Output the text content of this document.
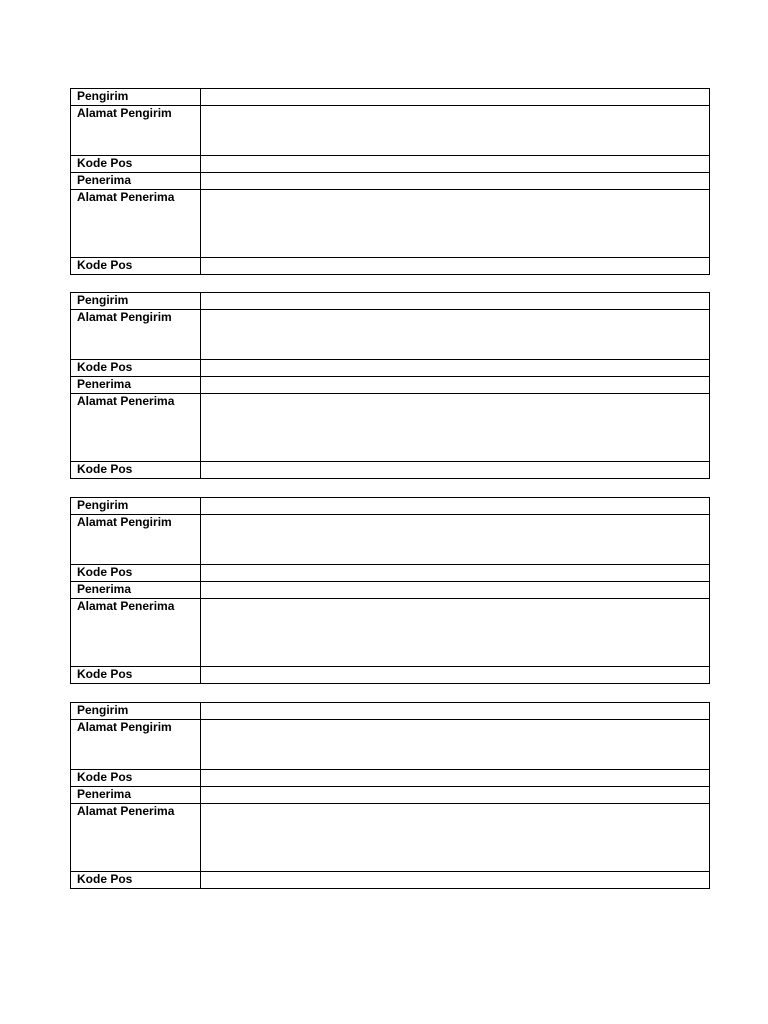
Pengirim	
Alamat Pengirim	
Kode Pos	
Penerima	
Alamat Penerima	
Kode Pos	
Pengirim	
Alamat Pengirim	
Kode Pos	
Penerima	
Alamat Penerima	
Kode Pos	
Pengirim	
Alamat Pengirim	
Kode Pos	
Penerima	
Alamat Penerima	
Kode Pos	
Pengirim	
Alamat Pengirim	
Kode Pos	
Penerima	
Alamat Penerima	
Kode Pos	
